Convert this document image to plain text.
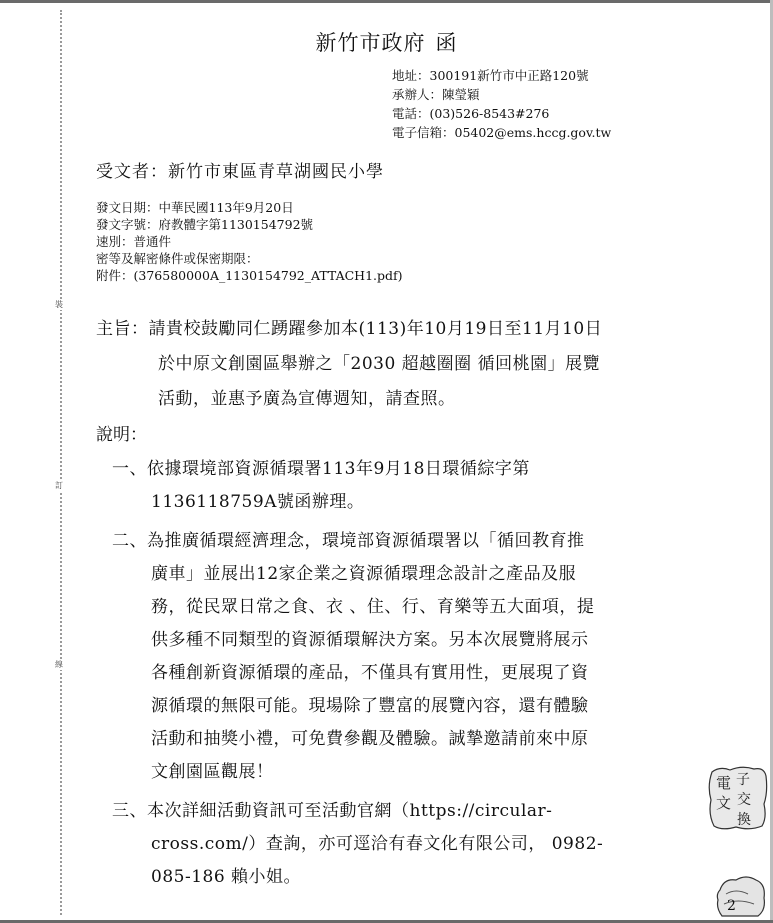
裝
訂
線
新竹市政府 函
地址：300191新竹市中正路120號
承辦人：陳瑩穎
電話：(03)526-8543#276
電子信箱：05402@ems.hccg.gov.tw
受文者：新竹市東區青草湖國民小學
發文日期：中華民國113年9月20日
發文字號：府教體字第1130154792號
速別：普通件
密等及解密條件或保密期限：
附件：(376580000A_1130154792_ATTACH1.pdf)
主旨：請貴校鼓勵同仁踴躍參加本(113)年10月19日至11月10日
於中原文創園區舉辦之「2030 超越圈圈 循回桃園」展覽
活動，並惠予廣為宣傳週知，請查照。
說明：
一、依據環境部資源循環署113年9月18日環循綜字第
1136118759A號函辦理。
二、為推廣循環經濟理念，環境部資源循環署以「循回教育推
廣車」並展出12家企業之資源循環理念設計之產品及服
務，從民眾日常之食、衣 、住、行、育樂等五大面項，提
供多種不同類型的資源循環解決方案。另本次展覽將展示
各種創新資源循環的產品，不僅具有實用性，更展現了資
源循環的無限可能。現場除了豐富的展覽內容，還有體驗
活動和抽獎小禮，可免費參觀及體驗。誠摯邀請前來中原
文創園區觀展！
三、本次詳細活動資訊可至活動官網（https://circular-
cross.com/）查詢，亦可逕洽有春文化有限公司， 0982-
085-186 賴小姐。
電 子
文 交
換
2
